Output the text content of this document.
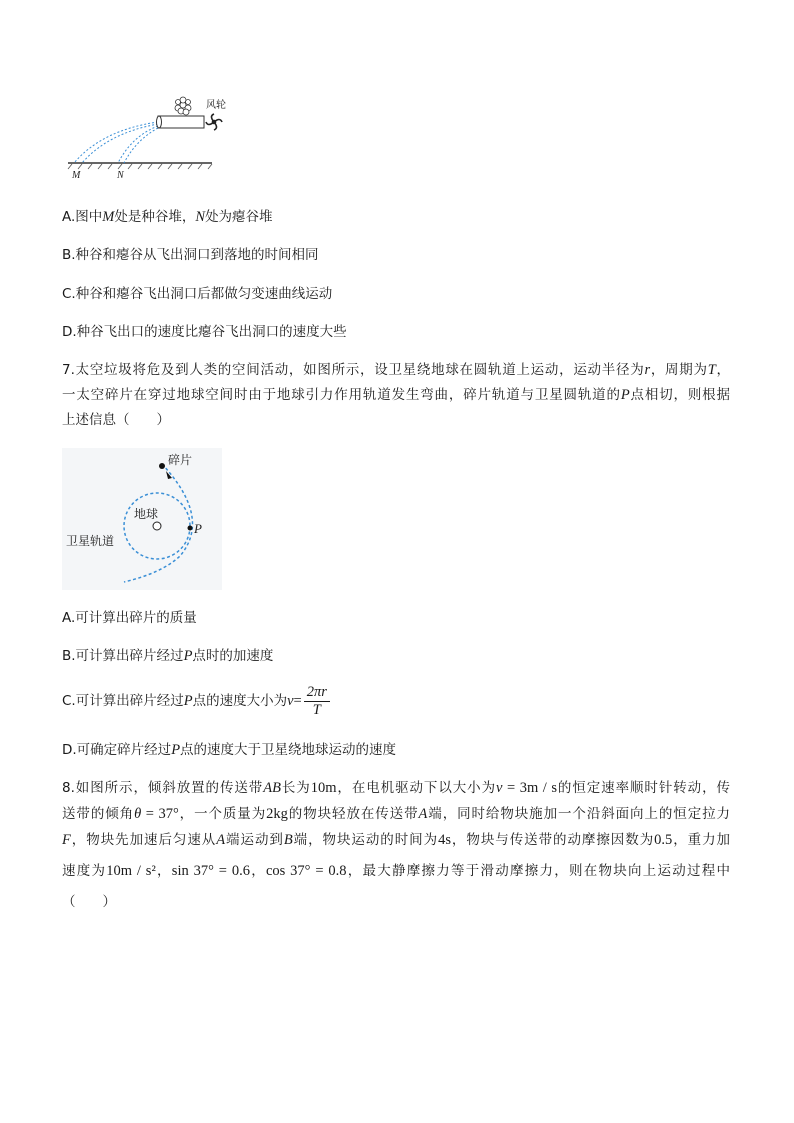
风轮
M	N
A.图中M处是种谷堆，N处为瘪谷堆
B.种谷和瘪谷从飞出洞口到落地的时间相同
C.种谷和瘪谷飞出洞口后都做匀变速曲线运动
D.种谷飞出口的速度比瘪谷飞出洞口的速度大些
7.太空垃圾将危及到人类的空间活动，如图所示，设卫星绕地球在圆轨道上运动，运动半径为r，周期为T，
一太空碎片在穿过地球空间时由于地球引力作用轨道发生弯曲，碎片轨道与卫星圆轨道的P点相切，则根据
上述信息（　　）
碎片
地球
P
卫星轨道
A.可计算出碎片的质量
B.可计算出碎片经过P点时的加速度
C.可计算出碎片经过 P 点的速度大小为 $v = \frac{2\pi r}{T}$
D.可确定碎片经过P点的速度大于卫星绕地球运动的速度
8.如图所示，倾斜放置的传送带AB长为10m，在电机驱动下以大小为v = 3m / s的恒定速率顺时针转动，传
送带的倾角θ = 37°，一个质量为2kg的物块轻放在传送带A端，同时给物块施加一个沿斜面向上的恒定拉力
F，物块先加速后匀速从A端运动到B端，物块运动的时间为4s，物块与传送带的动摩擦因数为0.5，重力加
速度为10m / s²，sin 37° = 0.6，cos 37° = 0.8，最大静摩擦力等于滑动摩擦力，则在物块向上运动过程中
（　　）
